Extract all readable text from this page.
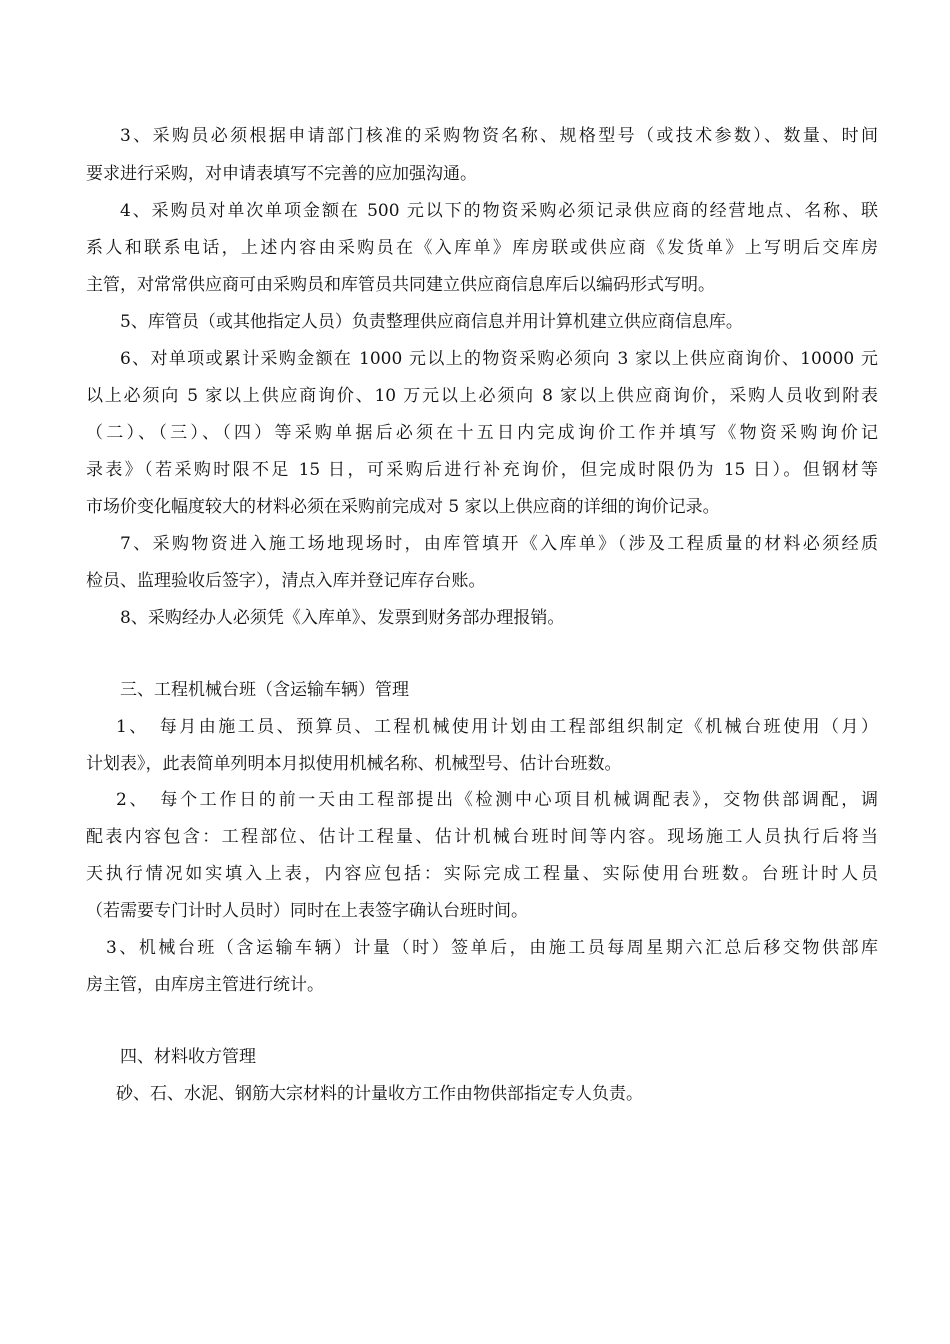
3、采购员必须根据申请部门核准的采购物资名称、规格型号（或技术参数）、数量、时间
要求进行采购，对申请表填写不完善的应加强沟通。
4、采购员对单次单项金额在 500 元以下的物资采购必须记录供应商的经营地点、名称、联
系人和联系电话，上述内容由采购员在《入库单》库房联或供应商《发货单》上写明后交库房
主管，对常常供应商可由采购员和库管员共同建立供应商信息库后以编码形式写明。
5、库管员（或其他指定人员）负责整理供应商信息并用计算机建立供应商信息库。
6、对单项或累计采购金额在 1000 元以上的物资采购必须向 3 家以上供应商询价、10000 元
以上必须向 5 家以上供应商询价、10 万元以上必须向 8 家以上供应商询价，采购人员收到附表
（二）、（三）、（四）等采购单据后必须在十五日内完成询价工作并填写《物资采购询价记
录表》（若采购时限不足 15 日，可采购后进行补充询价，但完成时限仍为 15 日）。但钢材等
市场价变化幅度较大的材料必须在采购前完成对 5 家以上供应商的详细的询价记录。
7、采购物资进入施工场地现场时，由库管填开《入库单》（涉及工程质量的材料必须经质
检员、监理验收后签字），清点入库并登记库存台账。
8、采购经办人必须凭《入库单》、发票到财务部办理报销。
三、工程机械台班（含运输车辆）管理
1、　每月由施工员、预算员、工程机械使用计划由工程部组织制定《机械台班使用（月）
计划表》，此表简单列明本月拟使用机械名称、机械型号、估计台班数。
2、　每个工作日的前一天由工程部提出《检测中心项目机械调配表》，交物供部调配，调
配表内容包含：工程部位、估计工程量、估计机械台班时间等内容。现场施工人员执行后将当
天执行情况如实填入上表，内容应包括：实际完成工程量、实际使用台班数。台班计时人员
（若需要专门计时人员时）同时在上表签字确认台班时间。
3、机械台班（含运输车辆）计量（时）签单后，由施工员每周星期六汇总后移交物供部库
房主管，由库房主管进行统计。
四、材料收方管理
砂、石、水泥、钢筋大宗材料的计量收方工作由物供部指定专人负责。
